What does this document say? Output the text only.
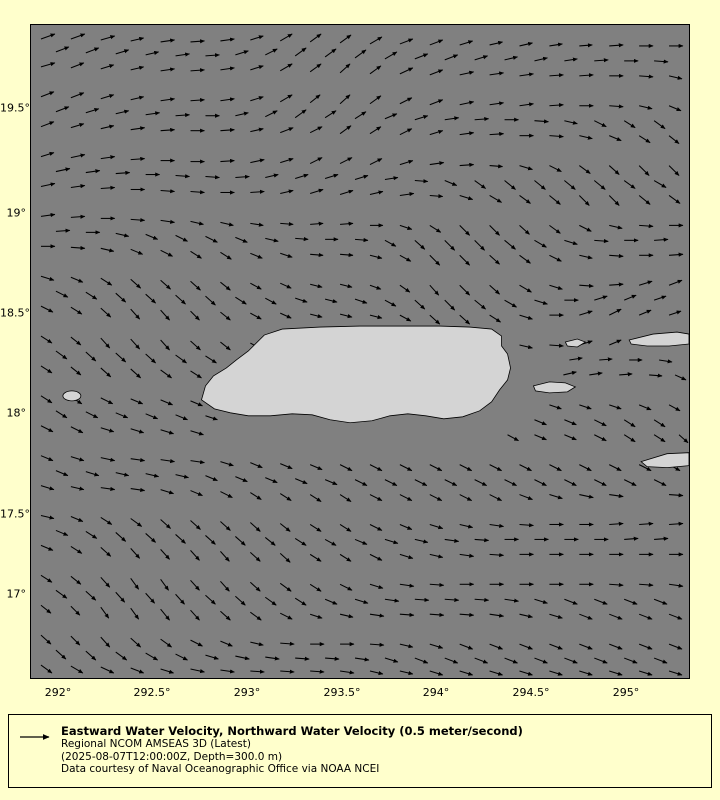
19.5°
19°
18.5°
18°
17.5°
17°
292°	292.5°	293°	293.5°	294°	294.5°	295°
Eastward Water Velocity, Northward Water Velocity (0.5 meter/second)
Regional NCOM AMSEAS 3D (Latest)
(2025-08-07T12:00:00Z, Depth=300.0 m)
Data courtesy of Naval Oceanographic Office via NOAA NCEI
